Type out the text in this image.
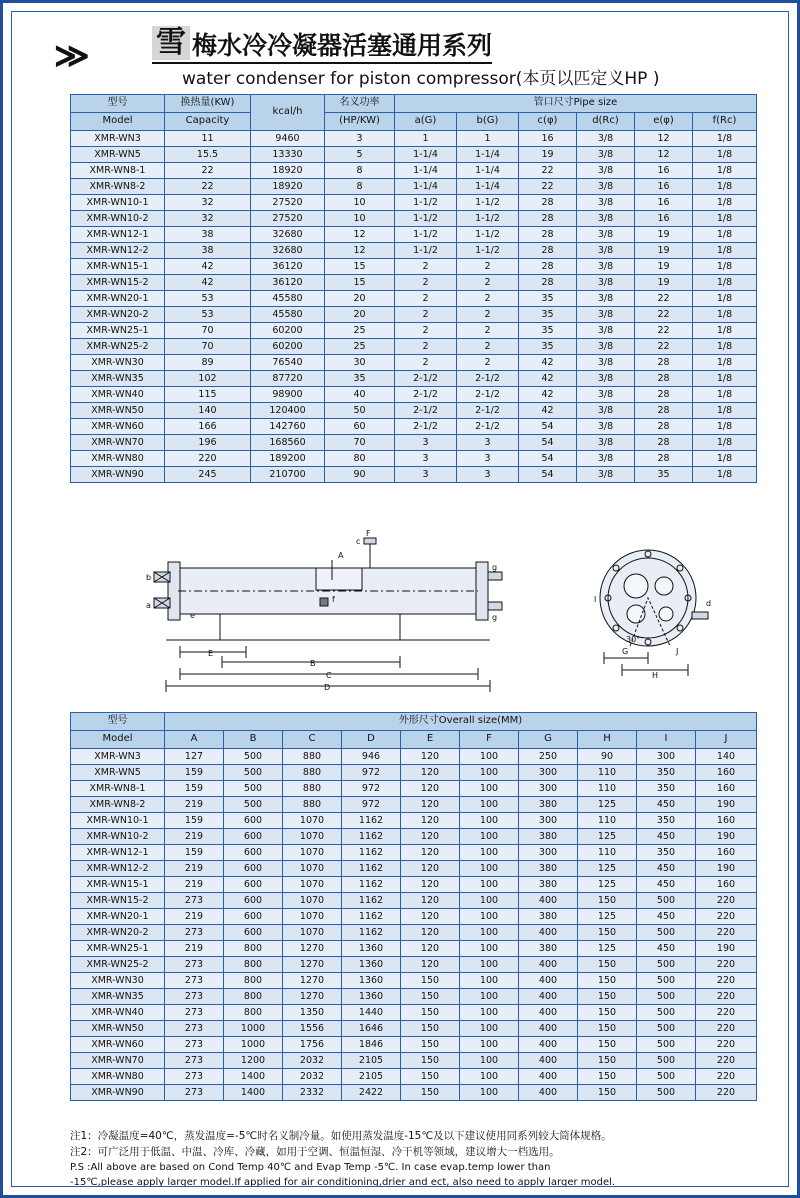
≫ 雪 梅水冷冷凝器活塞通用系列
water condenser for piston compressor(本页以匹定义HP )
型号	换热量(KW)	kcal/h	名义功率	管口尺寸Pipe size					
Model	Capacity		(HP/KW)	a(G)	b(G)	c(φ)	d(Rc)	e(φ)	f(Rc)
XMR-WN3	11	9460	3	1	1	16	3/8	12	1/8
XMR-WN5	15.5	13330	5	1-1/4	1-1/4	19	3/8	12	1/8
XMR-WN8-1	22	18920	8	1-1/4	1-1/4	22	3/8	16	1/8
XMR-WN8-2	22	18920	8	1-1/4	1-1/4	22	3/8	16	1/8
XMR-WN10-1	32	27520	10	1-1/2	1-1/2	28	3/8	16	1/8
XMR-WN10-2	32	27520	10	1-1/2	1-1/2	28	3/8	16	1/8
XMR-WN12-1	38	32680	12	1-1/2	1-1/2	28	3/8	19	1/8
XMR-WN12-2	38	32680	12	1-1/2	1-1/2	28	3/8	19	1/8
XMR-WN15-1	42	36120	15	2	2	28	3/8	19	1/8
XMR-WN15-2	42	36120	15	2	2	28	3/8	19	1/8
XMR-WN20-1	53	45580	20	2	2	35	3/8	22	1/8
XMR-WN20-2	53	45580	20	2	2	35	3/8	22	1/8
XMR-WN25-1	70	60200	25	2	2	35	3/8	22	1/8
XMR-WN25-2	70	60200	25	2	2	35	3/8	22	1/8
XMR-WN30	89	76540	30	2	2	42	3/8	28	1/8
XMR-WN35	102	87720	35	2-1/2	2-1/2	42	3/8	28	1/8
XMR-WN40	115	98900	40	2-1/2	2-1/2	42	3/8	28	1/8
XMR-WN50	140	120400	50	2-1/2	2-1/2	42	3/8	28	1/8
XMR-WN60	166	142760	60	2-1/2	2-1/2	54	3/8	28	1/8
XMR-WN70	196	168560	70	3	3	54	3/8	28	1/8
XMR-WN80	220	189200	80	3	3	54	3/8	28	1/8
XMR-WN90	245	210700	90	3	3	54	3/8	35	1/8
A
B
C
D
E
F
g
g
b
a
c
e
f	d
G
H
I
30°
J
型号	外形尺寸Overall size(MM)									
Model	A	B	C	D	E	F	G	H	I	J
XMR-WN3	127	500	880	946	120	100	250	90	300	140
XMR-WN5	159	500	880	972	120	100	300	110	350	160
XMR-WN8-1	159	500	880	972	120	100	300	110	350	160
XMR-WN8-2	219	500	880	972	120	100	380	125	450	190
XMR-WN10-1	159	600	1070	1162	120	100	300	110	350	160
XMR-WN10-2	219	600	1070	1162	120	100	380	125	450	190
XMR-WN12-1	159	600	1070	1162	120	100	300	110	350	160
XMR-WN12-2	219	600	1070	1162	120	100	380	125	450	190
XMR-WN15-1	219	600	1070	1162	120	100	380	125	450	160
XMR-WN15-2	273	600	1070	1162	120	100	400	150	500	220
XMR-WN20-1	219	600	1070	1162	120	100	380	125	450	220
XMR-WN20-2	273	600	1070	1162	120	100	400	150	500	220
XMR-WN25-1	219	800	1270	1360	120	100	380	125	450	190
XMR-WN25-2	273	800	1270	1360	120	100	400	150	500	220
XMR-WN30	273	800	1270	1360	150	100	400	150	500	220
XMR-WN35	273	800	1270	1360	150	100	400	150	500	220
XMR-WN40	273	800	1350	1440	150	100	400	150	500	220
XMR-WN50	273	1000	1556	1646	150	100	400	150	500	220
XMR-WN60	273	1000	1756	1846	150	100	400	150	500	220
XMR-WN70	273	1200	2032	2105	150	100	400	150	500	220
XMR-WN80	273	1400	2032	2105	150	100	400	150	500	220
XMR-WN90	273	1400	2332	2422	150	100	400	150	500	220

注1：冷凝温度=40℃，蒸发温度=-5℃时名义制冷量。如使用蒸发温度-15℃及以下建议使用同系列较大筒体规格。

注2：可广泛用于低温、中温、冷库、冷藏，如用于空调、恒温恒湿、冷干机等领域，建议增大一档选用。

P.S :All above are based on Cond Temp 40℃ and Evap Temp -5℃. In case evap.temp lower than

-15℃,please apply larger model.If applied for air conditioning,drier and ect, also need to apply larger model.
